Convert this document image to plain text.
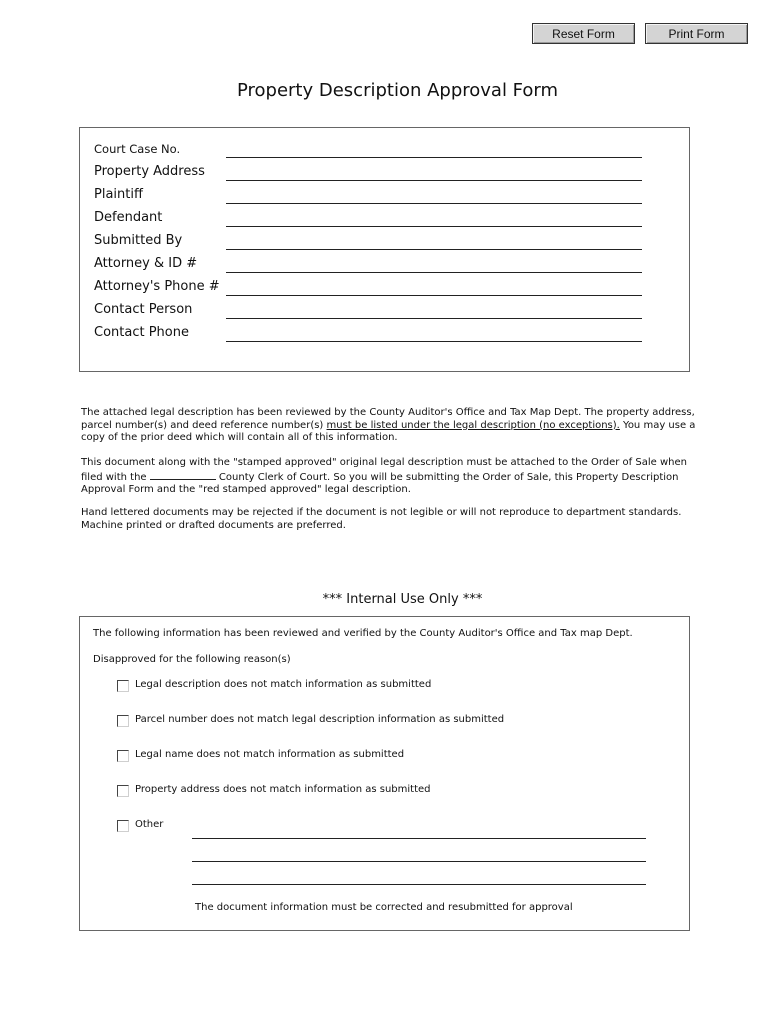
Reset Form	Print Form
Property Description Approval Form
Court Case No.
Property Address
Plaintiff
Defendant
Submitted By
Attorney & ID #
Attorney's Phone #
Contact Person
Contact Phone
The attached legal description has been reviewed by the County Auditor's Office and Tax Map Dept. The property address, parcel number(s) and deed reference number(s) must be listed under the legal description (no exceptions). You may use a copy of the prior deed which will contain all of this information.
This document along with the "stamped approved" original legal description must be attached to the Order of Sale when filed with the	County Clerk of Court. So you will be submitting the Order of Sale, this Property Description Approval Form and the "red stamped approved" legal description.
Hand lettered documents may be rejected if the document is not legible or will not reproduce to department standards. Machine printed or drafted documents are preferred.
*** Internal Use Only ***
The following information has been reviewed and verified by the County Auditor's Office and Tax map Dept.
Disapproved for the following reason(s)
Legal description does not match information as submitted
Parcel number does not match legal description information as submitted
Legal name does not match information as submitted
Property address does not match information as submitted
Other
The document information must be corrected and resubmitted for approval
